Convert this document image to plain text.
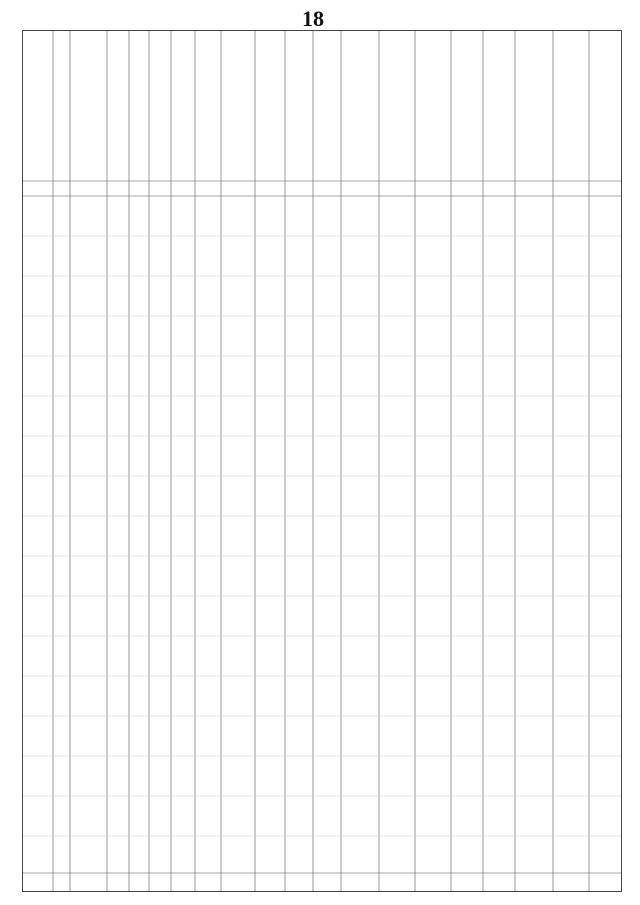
18
